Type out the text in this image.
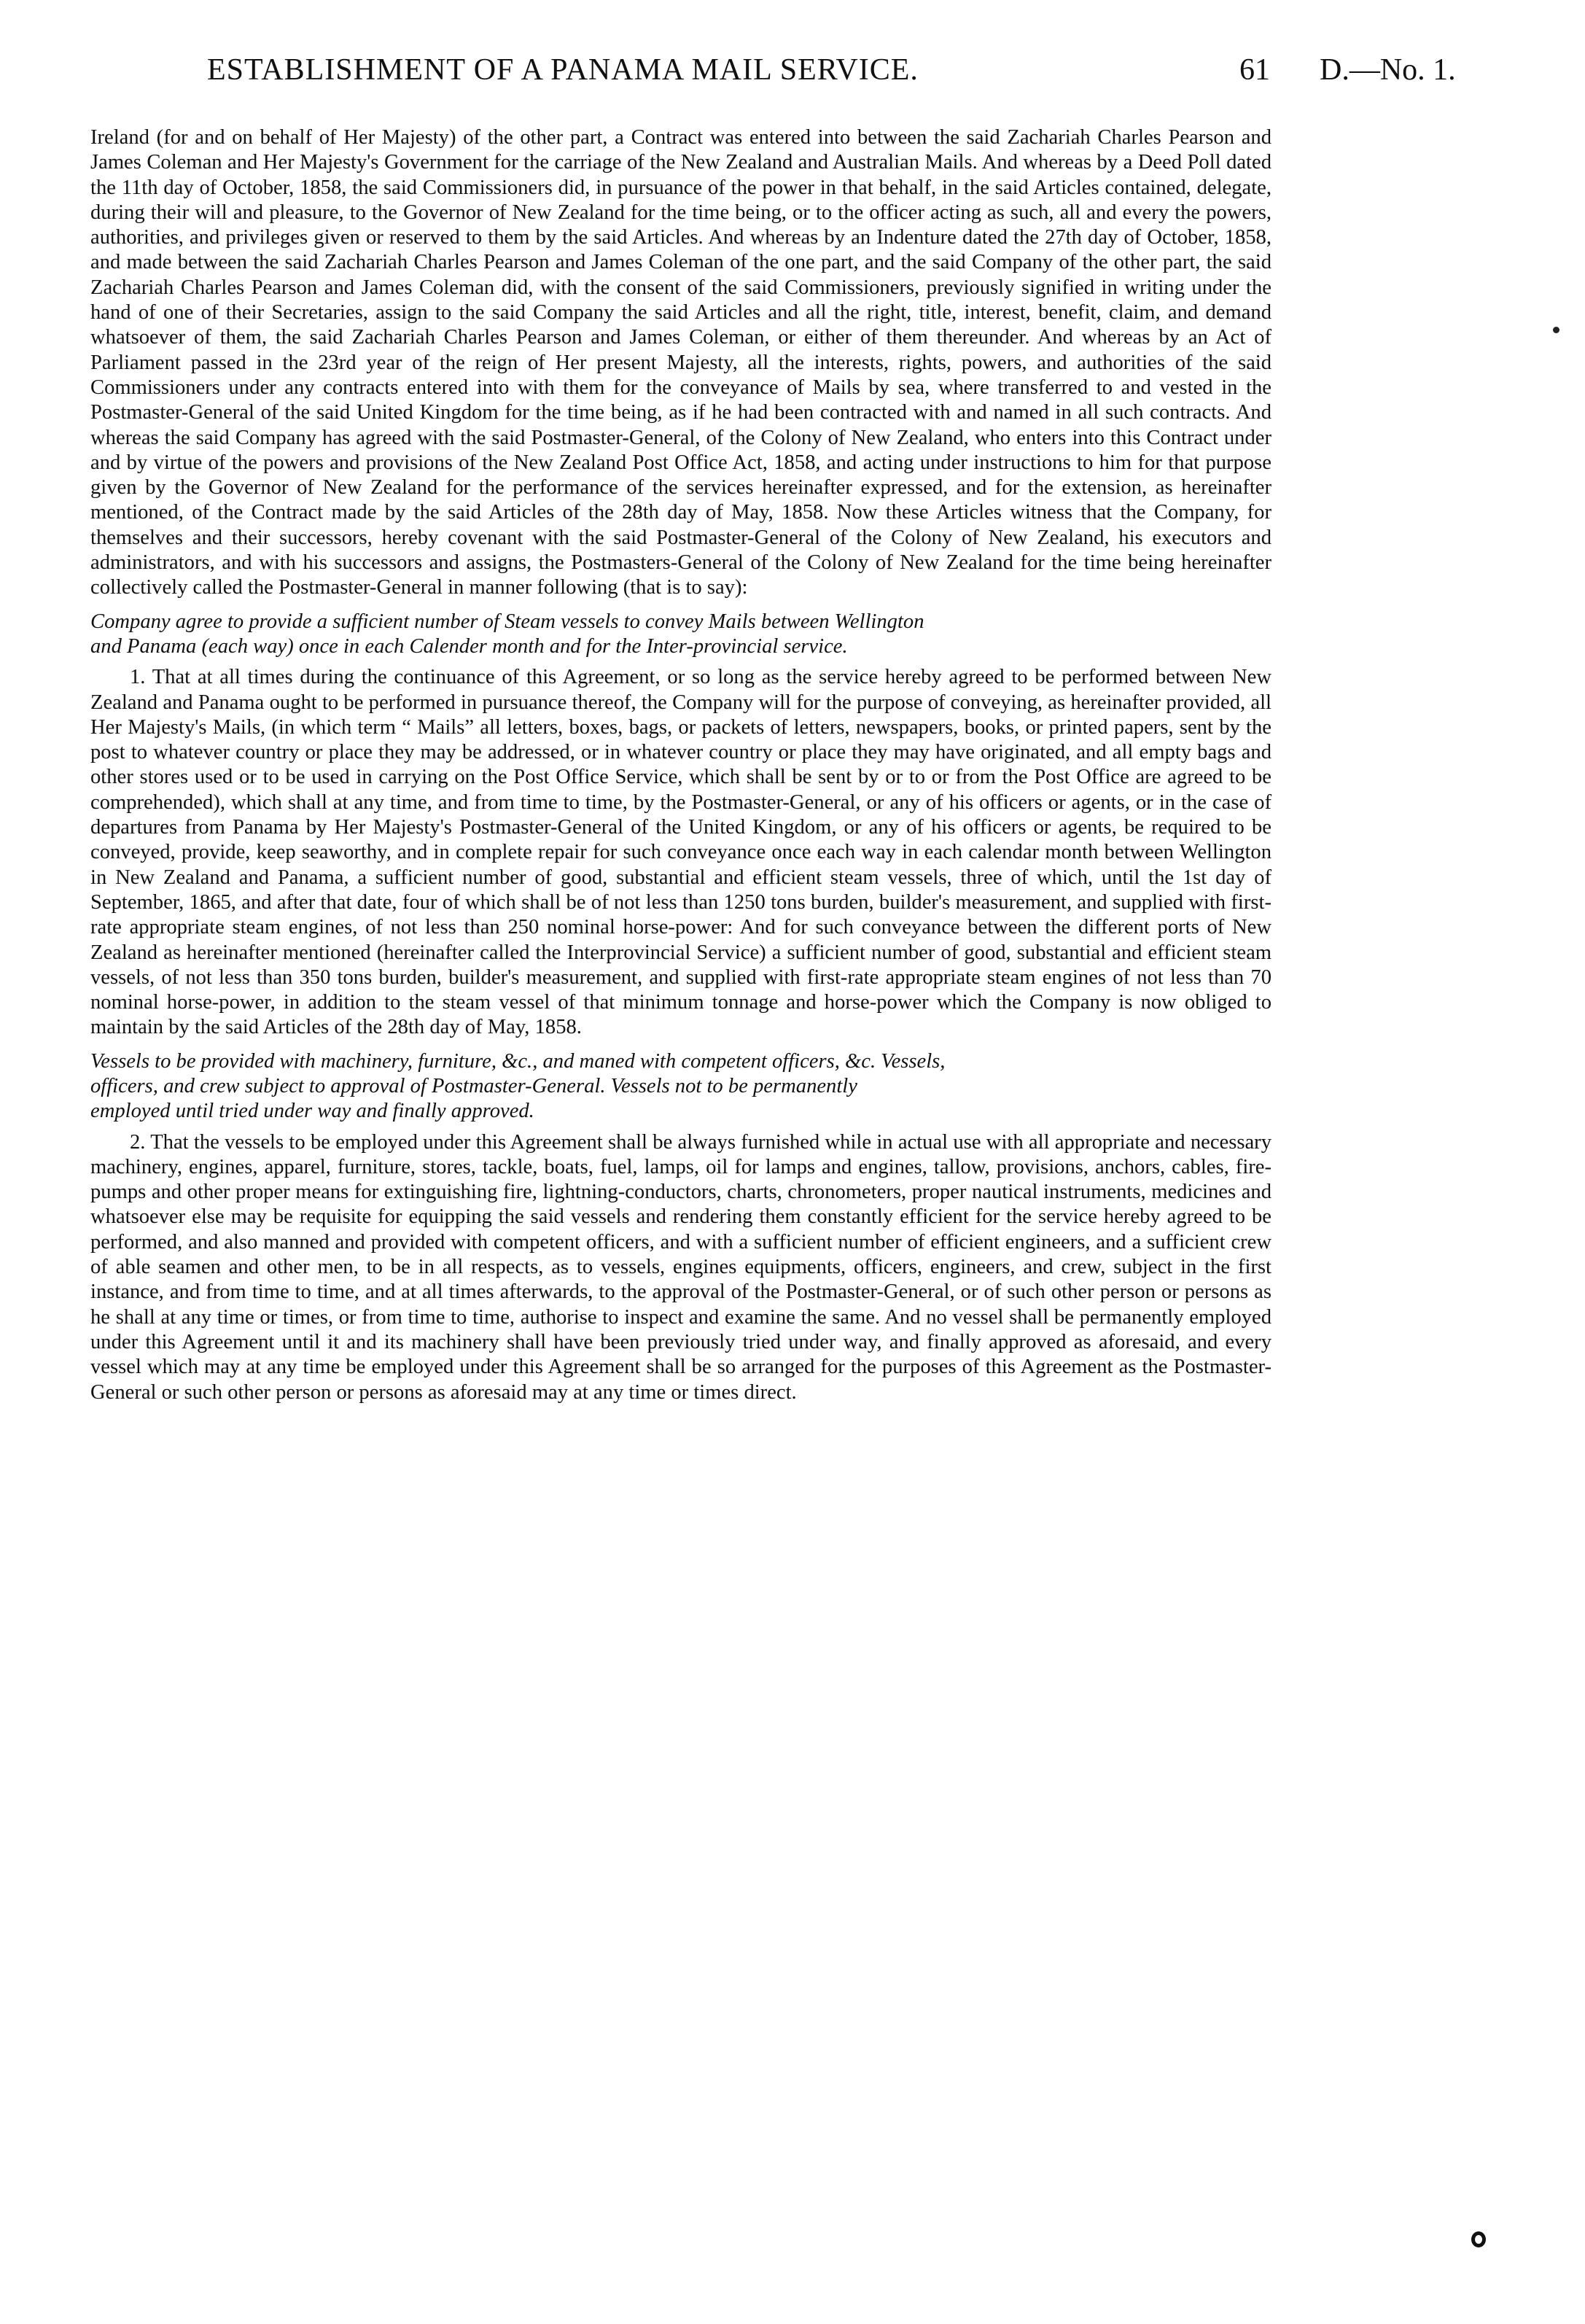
ESTABLISHMENT OF A PANAMA MAIL SERVICE.	61 D.—No. 1.

Ireland (for and on behalf of Her Majesty) of the other part, a Contract was entered into between the said Zachariah Charles Pearson and James Coleman and Her Majesty's Government for the carriage of the New Zealand and Australian Mails. And whereas by a Deed Poll dated the 11th day of October, 1858, the said Commissioners did, in pursuance of the power in that behalf, in the said Articles contained, delegate, during their will and pleasure, to the Governor of New Zealand for the time being, or to the officer acting as such, all and every the powers, authorities, and privileges given or reserved to them by the said Articles. And whereas by an Indenture dated the 27th day of October, 1858, and made between the said Zachariah Charles Pearson and James Coleman of the one part, and the said Company of the other part, the said Zachariah Charles Pearson and James Coleman did, with the consent of the said Commissioners, previously signified in writing under the hand of one of their Secretaries, assign to the said Company the said Articles and all the right, title, interest, benefit, claim, and demand whatsoever of them, the said Zachariah Charles Pearson and James Coleman, or either of them thereunder. And whereas by an Act of Parliament passed in the 23rd year of the reign of Her present Majesty, all the interests, rights, powers, and authorities of the said Commissioners under any contracts entered into with them for the conveyance of Mails by sea, where transferred to and vested in the Postmaster-General of the said United Kingdom for the time being, as if he had been contracted with and named in all such contracts. And whereas the said Company has agreed with the said Postmaster-General, of the Colony of New Zealand, who enters into this Contract under and by virtue of the powers and provisions of the New Zealand Post Office Act, 1858, and acting under instructions to him for that purpose given by the Governor of New Zealand for the performance of the services hereinafter expressed, and for the extension, as hereinafter mentioned, of the Contract made by the said Articles of the 28th day of May, 1858. Now these Articles witness that the Company, for themselves and their successors, hereby covenant with the said Postmaster-General of the Colony of New Zealand, his executors and administrators, and with his successors and assigns, the Postmasters-General of the Colony of New Zealand for the time being hereinafter collectively called the Postmaster-General in manner following (that is to say):

Company agree to provide a sufficient number of Steam vessels to convey Mails between Wellington
and Panama (each way) once in each Calender month and for the Inter-provincial service.

1. That at all times during the continuance of this Agreement, or so long as the service hereby agreed to be performed between New Zealand and Panama ought to be performed in pursuance thereof, the Company will for the purpose of conveying, as hereinafter provided, all Her Majesty's Mails, (in which term “ Mails” all letters, boxes, bags, or packets of letters, newspapers, books, or printed papers, sent by the post to whatever country or place they may be addressed, or in whatever country or place they may have originated, and all empty bags and other stores used or to be used in carrying on the Post Office Service, which shall be sent by or to or from the Post Office are agreed to be comprehended), which shall at any time, and from time to time, by the Postmaster-General, or any of his officers or agents, or in the case of departures from Panama by Her Majesty's Postmaster-General of the United Kingdom, or any of his officers or agents, be required to be conveyed, provide, keep seaworthy, and in complete repair for such conveyance once each way in each calendar month between Wellington in New Zealand and Panama, a sufficient number of good, substantial and efficient steam vessels, three of which, until the 1st day of September, 1865, and after that date, four of which shall be of not less than 1250 tons burden, builder's measurement, and supplied with first-rate appropriate steam engines, of not less than 250 nominal horse-power: And for such conveyance between the different ports of New Zealand as hereinafter mentioned (hereinafter called the Interprovincial Service) a sufficient number of good, substantial and efficient steam vessels, of not less than 350 tons burden, builder's measurement, and supplied with first-rate appropriate steam engines of not less than 70 nominal horse-power, in addition to the steam vessel of that minimum tonnage and horse-power which the Company is now obliged to maintain by the said Articles of the 28th day of May, 1858.

Vessels to be provided with machinery, furniture, &c., and maned with competent officers, &c. Vessels,
officers, and crew subject to approval of Postmaster-General. Vessels not to be permanently
employed until tried under way and finally approved.

2. That the vessels to be employed under this Agreement shall be always furnished while in actual use with all appropriate and necessary machinery, engines, apparel, furniture, stores, tackle, boats, fuel, lamps, oil for lamps and engines, tallow, provisions, anchors, cables, fire-pumps and other proper means for extinguishing fire, lightning-conductors, charts, chronometers, proper nautical instruments, medicines and whatsoever else may be requisite for equipping the said vessels and rendering them constantly efficient for the service hereby agreed to be performed, and also manned and provided with competent officers, and with a sufficient number of efficient engineers, and a sufficient crew of able seamen and other men, to be in all respects, as to vessels, engines equipments, officers, engineers, and crew, subject in the first instance, and from time to time, and at all times afterwards, to the approval of the Postmaster-General, or of such other person or persons as he shall at any time or times, or from time to time, authorise to inspect and examine the same. And no vessel shall be permanently employed under this Agreement until it and its machinery shall have been previously tried under way, and finally approved as aforesaid, and every vessel which may at any time be employed under this Agreement shall be so arranged for the purposes of this Agreement as the Postmaster-General or such other person or persons as aforesaid may at any time or times direct.
